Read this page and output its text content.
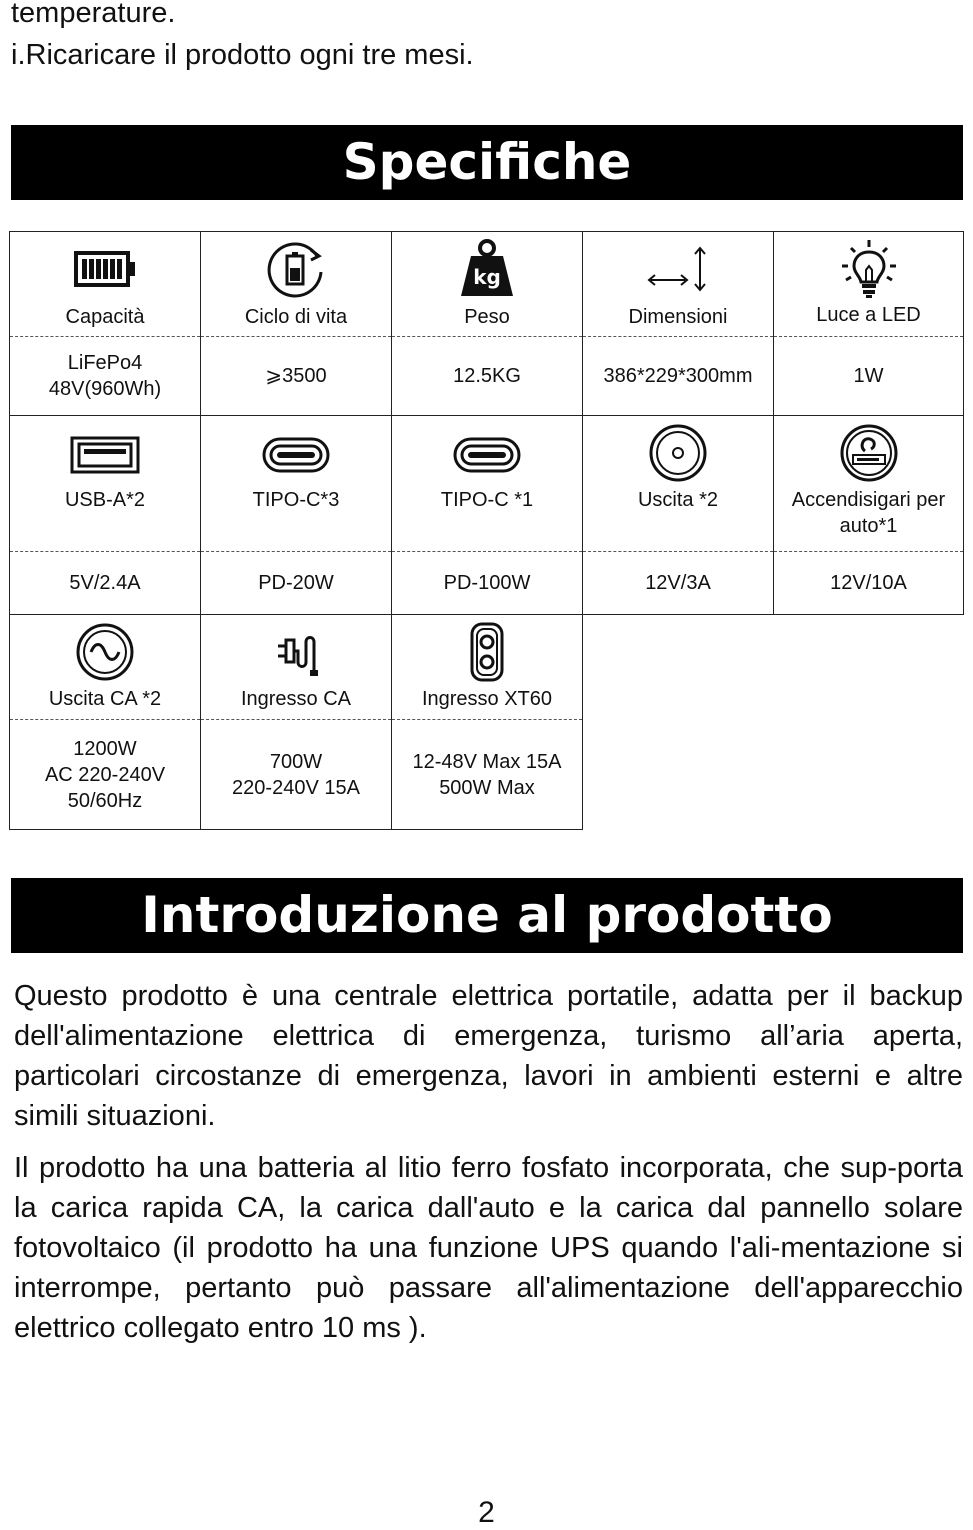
temperature.
i.Ricaricare il prodotto ogni tre mesi.
Specifiche
Capacità
LiFePo4
48V(960Wh)
Ciclo di vita
⩾3500
kg
Peso
12.5KG
Dimensioni
386*229*300mm
Luce a LED
1W
USB-A*2
5V/2.4A
TIPO-C*3
PD-20W
TIPO-C *1
PD-100W
Uscita *2
12V/3A
Accendisigari per
auto*1
12V/10A
Uscita CA *2
1200W
AC 220-240V
50/60Hz
Ingresso CA
700W
220-240V 15A
Ingresso XT60
12-48V Max 15A
500W Max
Introduzione al prodotto
Questo prodotto è una centrale elettrica portatile, adatta per il backup dell'alimentazione elettrica di emergenza, turismo all’aria aperta, particolari circostanze di emergenza, lavori in ambienti esterni e altre simili situazioni.
Il prodotto ha una batteria al litio ferro fosfato incorporata, che sup-porta la carica rapida CA, la carica dall'auto e la carica dal pannello solare fotovoltaico (il prodotto ha una funzione UPS quando l'ali-mentazione si interrompe, pertanto può passare all'alimentazione dell'apparecchio elettrico collegato entro 10 ms ).
2
